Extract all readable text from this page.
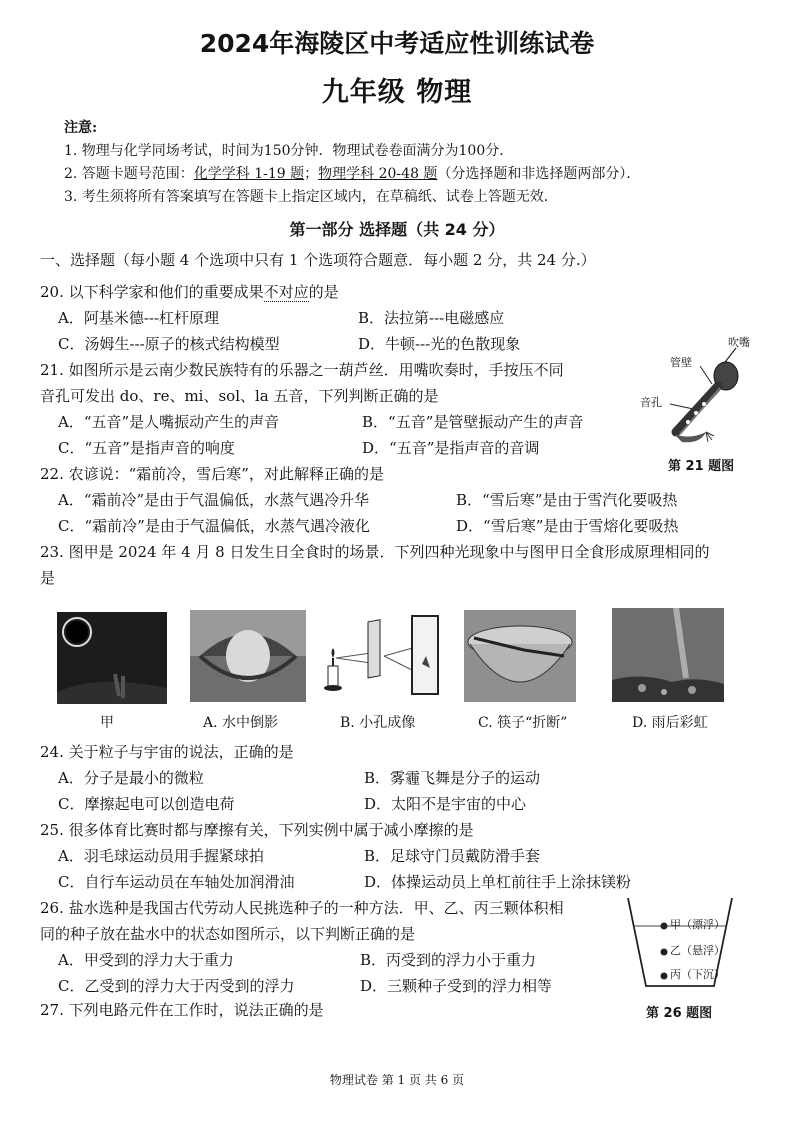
2024年海陵区中考适应性训练试卷
九年级 物理
注意:
1. 物理与化学同场考试，时间为150分钟．物理试卷卷面满分为100分．
2. 答题卡题号范围：化学学科 1-19 题；物理学科 20-48 题（分选择题和非选择题两部分）．
3. 考生须将所有答案填写在答题卡上指定区域内，在草稿纸、试卷上答题无效．
第一部分 选择题（共 24 分）
一、选择题（每小题 4 个选项中只有 1 个选项符合题意．每小题 2 分，共 24 分.）
20. 以下科学家和他们的重要成果不对应的是
A．阿基米德---杠杆原理	B．法拉第---电磁感应
C．汤姆生---原子的核式结构模型	D．牛顿---光的色散现象
21. 如图所示是云南少数民族特有的乐器之一葫芦丝．用嘴吹奏时，手按压不同
音孔可发出 do、re、mi、sol、la 五音，下列判断正确的是
A．“五音”是人嘴振动产生的声音	B．“五音”是管壁振动产生的声音
C．“五音”是指声音的响度	D．“五音”是指声音的音调
吹嘴
管壁
音孔
第 21 题图
22. 农谚说：“霜前冷，雪后寒”，对此解释正确的是
A．“霜前冷”是由于气温偏低，水蒸气遇冷升华	B．“雪后寒”是由于雪汽化要吸热
C．“霜前冷”是由于气温偏低，水蒸气遇冷液化	D．“雪后寒”是由于雪熔化要吸热
23. 图甲是 2024 年 4 月 8 日发生日全食时的场景．下列四种光现象中与图甲日全食形成原理相同的
是
甲	A. 水中倒影	B. 小孔成像	C. 筷子“折断”	D. 雨后彩虹
24. 关于粒子与宇宙的说法，正确的是
A．分子是最小的微粒	B．雾霾飞舞是分子的运动
C．摩擦起电可以创造电荷	D．太阳不是宇宙的中心
25. 很多体育比赛时都与摩擦有关，下列实例中属于减小摩擦的是
A．羽毛球运动员用手握紧球拍	B．足球守门员戴防滑手套
C．自行车运动员在车轴处加润滑油	D．体操运动员上单杠前往手上涂抹镁粉
26. 盐水选种是我国古代劳动人民挑选种子的一种方法．甲、乙、丙三颗体积相
同的种子放在盐水中的状态如图所示，以下判断正确的是
A．甲受到的浮力大于重力	B．丙受到的浮力小于重力
C．乙受到的浮力大于丙受到的浮力	D．三颗种子受到的浮力相等
甲（漂浮）
乙（悬浮）
丙（下沉）
第 26 题图
27. 下列电路元件在工作时，说法正确的是
物理试卷 第 1 页 共 6 页
